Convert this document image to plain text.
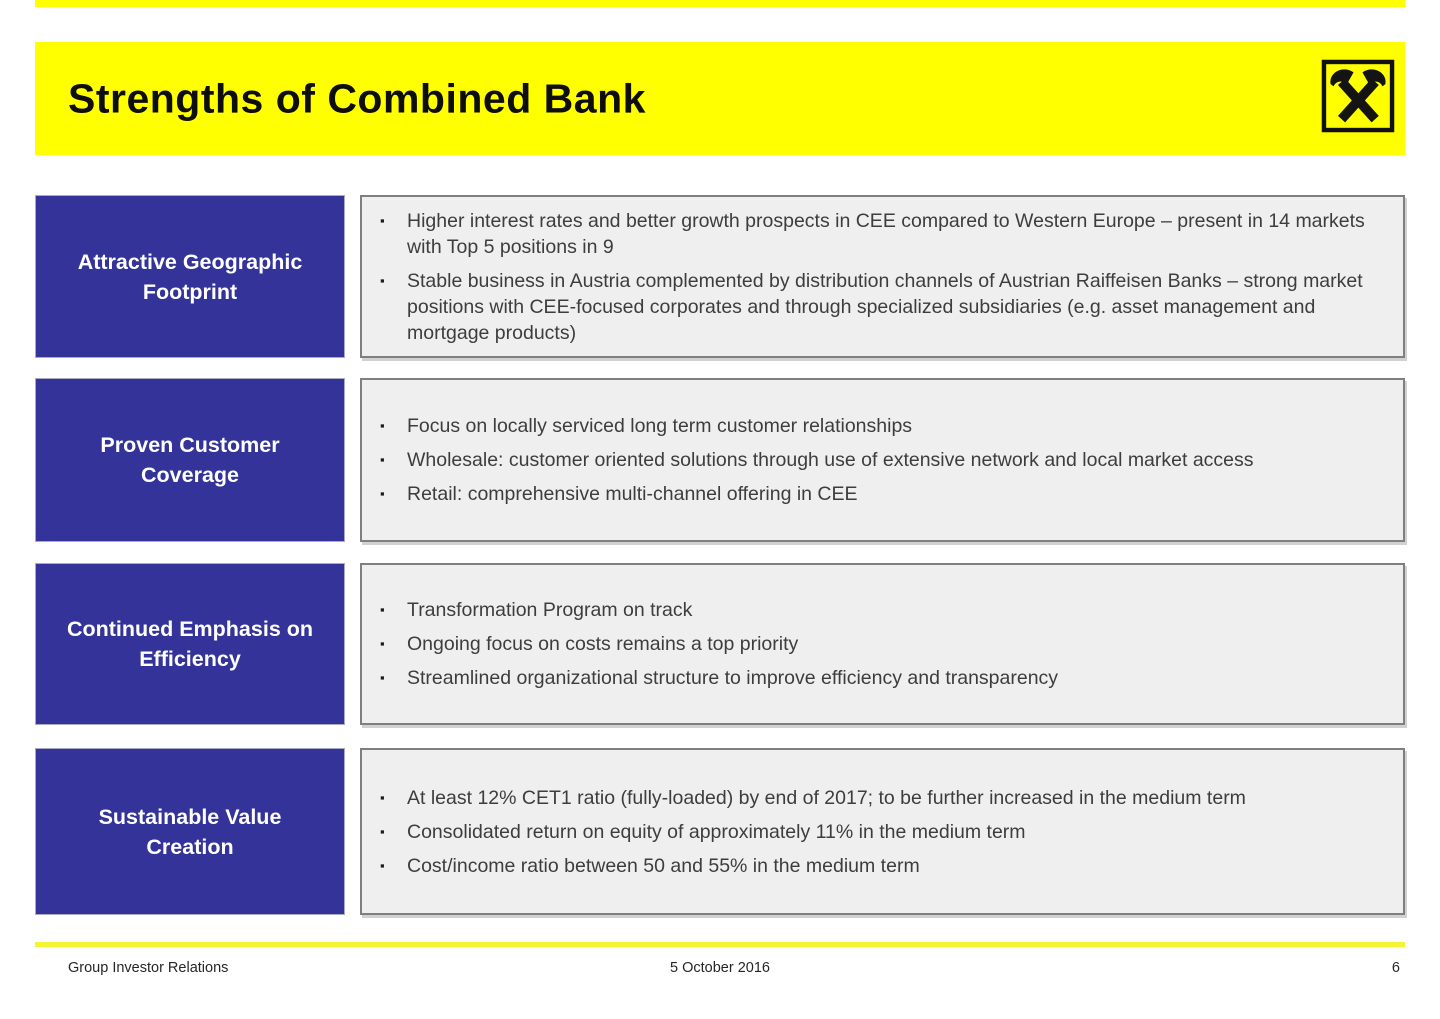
Strengths of Combined Bank
Attractive Geographic Footprint
▪	Higher interest rates and better growth prospects in CEE compared to Western Europe – present in 14 markets with Top 5 positions in 9
▪	Stable business in Austria complemented by distribution channels of Austrian Raiffeisen Banks – strong market positions with CEE-focused corporates and through specialized subsidiaries (e.g. asset management and mortgage products)
Proven Customer Coverage
▪	Focus on locally serviced long term customer relationships
▪	Wholesale: customer oriented solutions through use of extensive network and local market access
▪	Retail: comprehensive multi-channel offering in CEE
Continued Emphasis on Efficiency
▪	Transformation Program on track
▪	Ongoing focus on costs remains a top priority
▪	Streamlined organizational structure to improve efficiency and transparency
Sustainable Value Creation
▪	At least 12% CET1 ratio (fully-loaded) by end of 2017; to be further increased in the medium term
▪	Consolidated return on equity of approximately 11% in the medium term
▪	Cost/income ratio between 50 and 55% in the medium term
Group Investor Relations	5 October 2016	6
